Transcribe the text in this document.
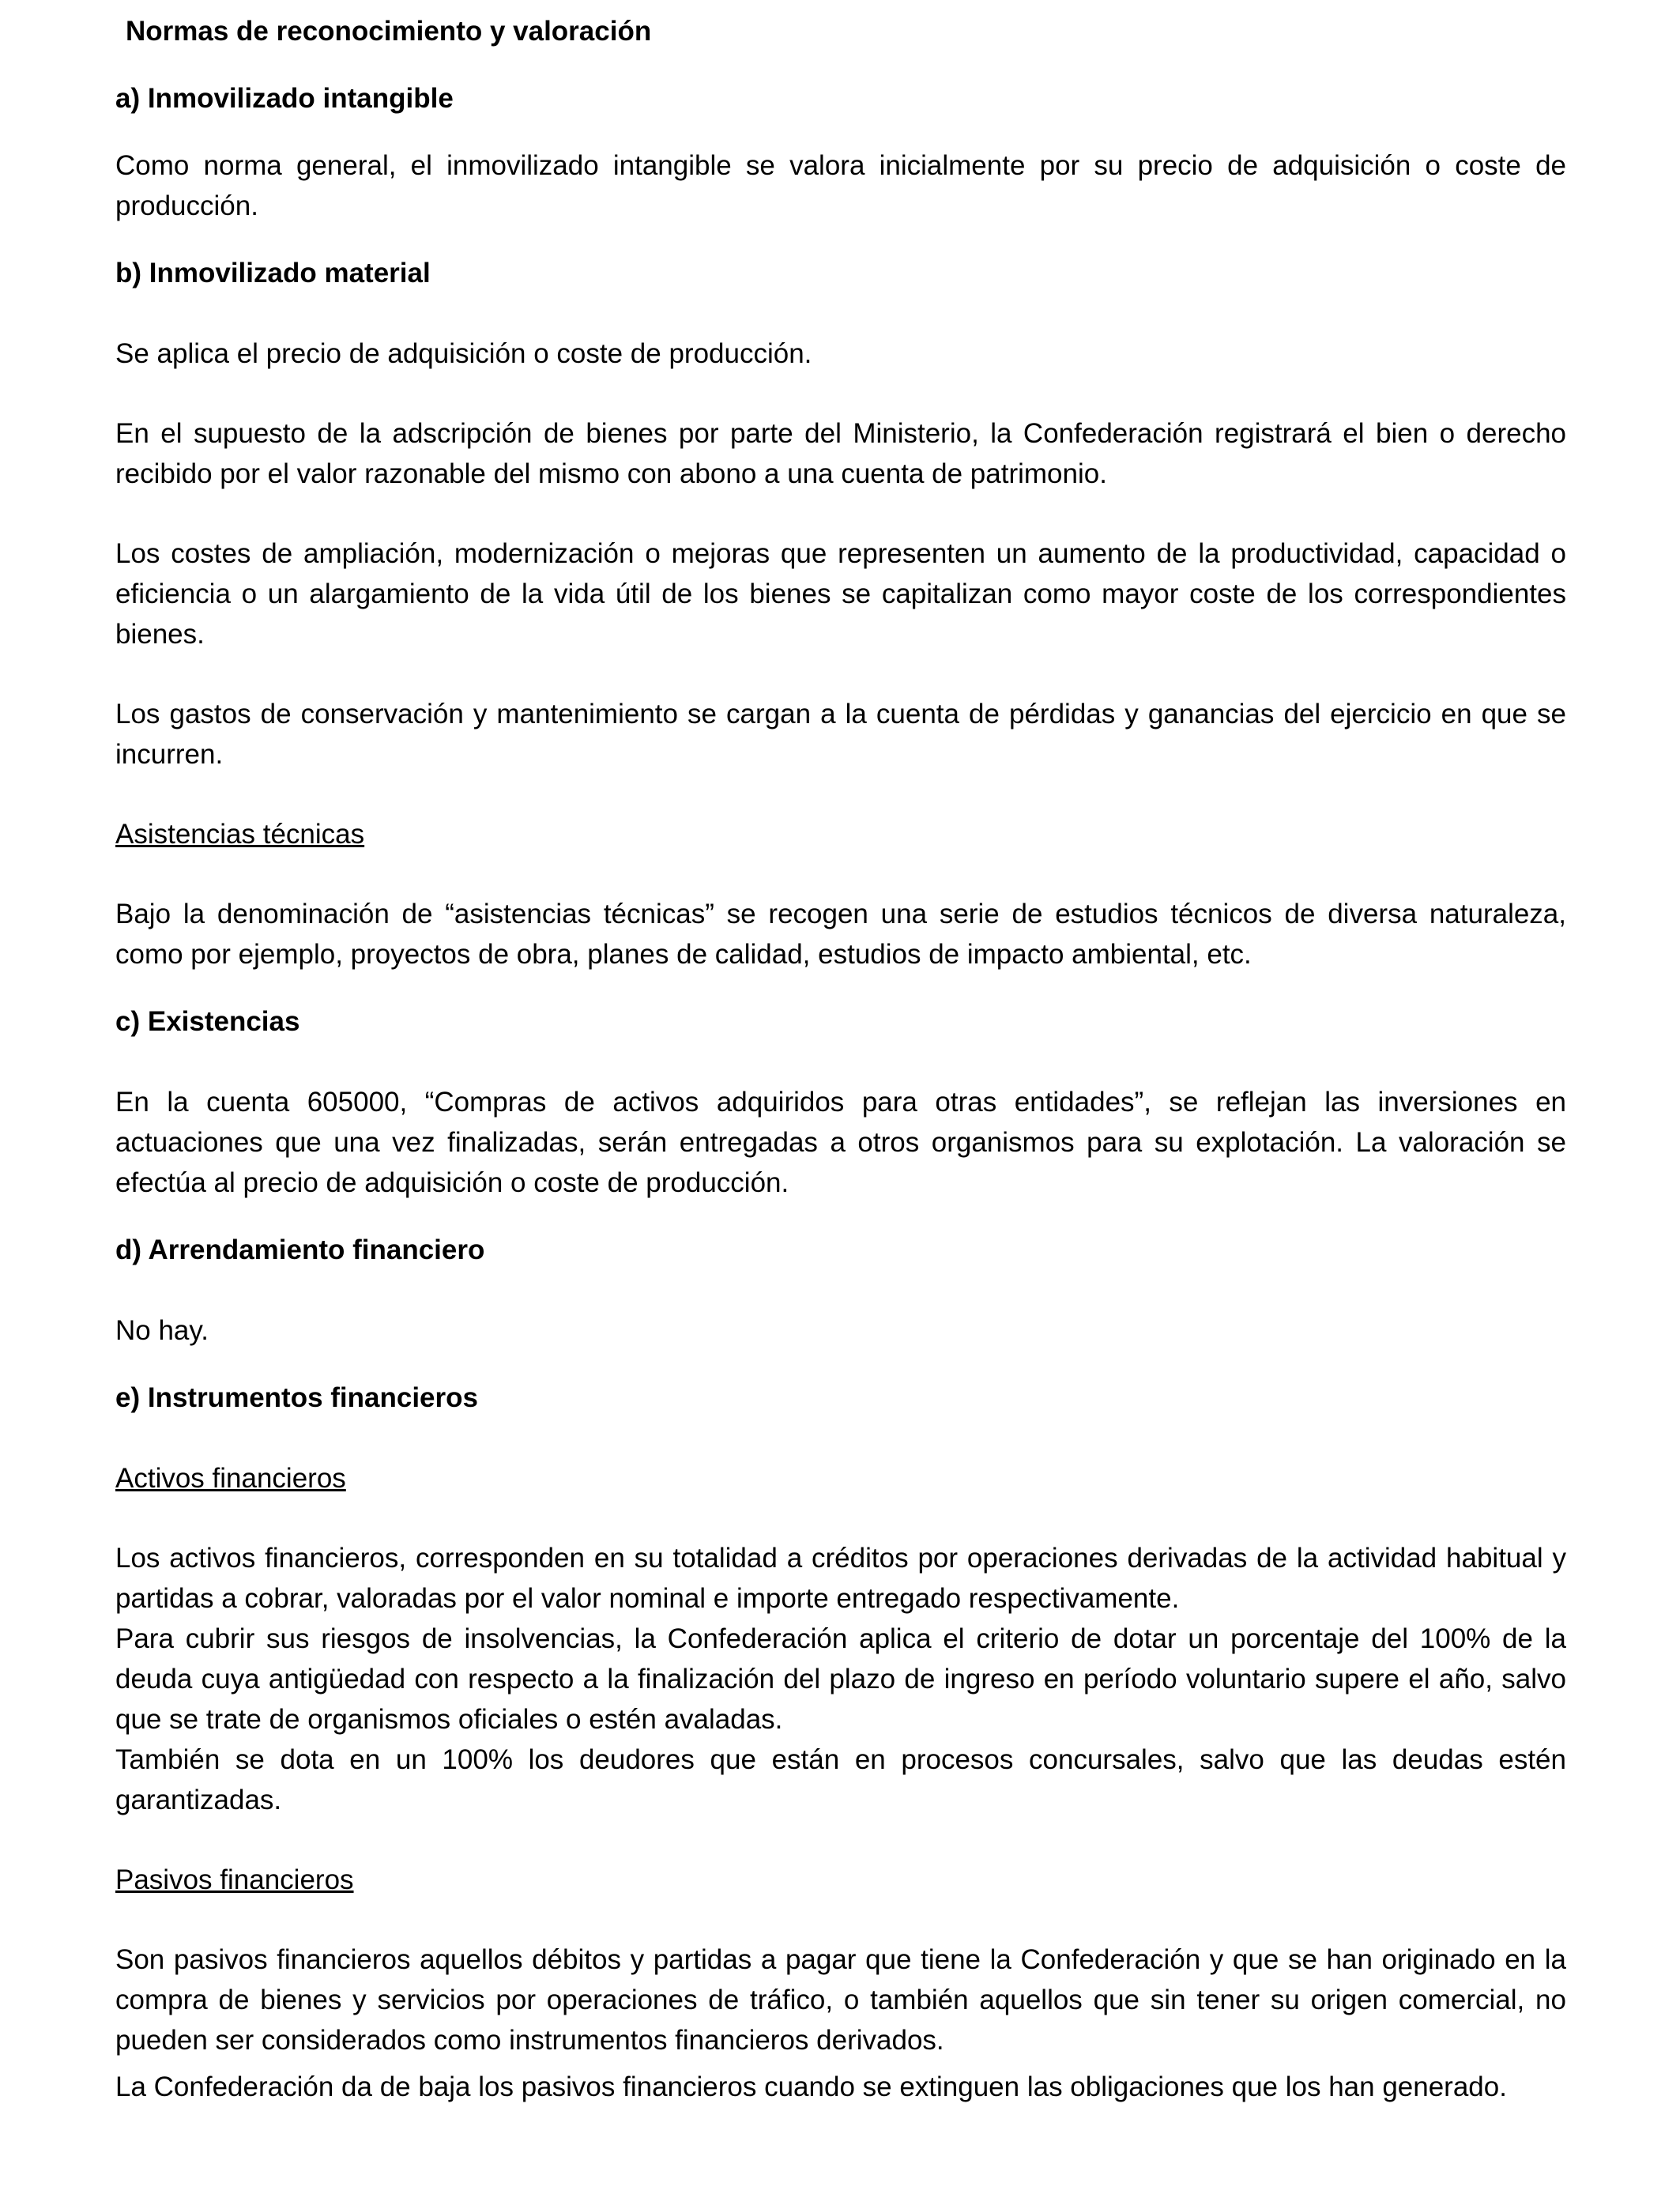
Normas de reconocimiento y valoración
a) Inmovilizado intangible

Como norma general, el inmovilizado intangible se valora inicialmente por su precio de adquisición o coste de producción.

b) Inmovilizado material

Se aplica el precio de adquisición o coste de producción.

En el supuesto de la adscripción de bienes por parte del Ministerio, la Confederación registrará el bien o derecho recibido por el valor razonable del mismo con abono a una cuenta de patrimonio.

Los costes de ampliación, modernización o mejoras que representen un aumento de la productividad, capacidad o eficiencia o un alargamiento de la vida útil de los bienes se capitalizan como mayor coste de los correspondientes bienes.

Los gastos de conservación y mantenimiento se cargan a la cuenta de pérdidas y ganancias del ejercicio en que se incurren.

Asistencias técnicas

Bajo la denominación de “asistencias técnicas” se recogen una serie de estudios técnicos de diversa naturaleza, como por ejemplo, proyectos de obra, planes de calidad, estudios de impacto ambiental, etc.

c) Existencias

En la cuenta 605000, “Compras de activos adquiridos para otras entidades”, se reflejan las inversiones en actuaciones que una vez finalizadas, serán entregadas a otros organismos para su explotación. La valoración se efectúa al precio de adquisición o coste de producción.

d) Arrendamiento financiero

No hay.

e) Instrumentos financieros
Activos financieros

Los activos financieros, corresponden en su totalidad a créditos por operaciones derivadas de la actividad habitual y partidas a cobrar, valoradas por el valor nominal e importe entregado respectivamente.

Para cubrir sus riesgos de insolvencias, la Confederación aplica el criterio de dotar un porcentaje del 100% de la deuda cuya antigüedad con respecto a la finalización del plazo de ingreso en período voluntario supere el año, salvo que se trate de organismos oficiales o estén avaladas.

También se dota en un 100% los deudores que están en procesos concursales, salvo que las deudas estén garantizadas.

Pasivos financieros

Son pasivos financieros aquellos débitos y partidas a pagar que tiene la Confederación y que se han originado en la compra de bienes y servicios por operaciones de tráfico, o también aquellos que sin tener su origen comercial, no pueden ser considerados como instrumentos financieros derivados.

La Confederación da de baja los pasivos financieros cuando se extinguen las obligaciones que los han generado.
